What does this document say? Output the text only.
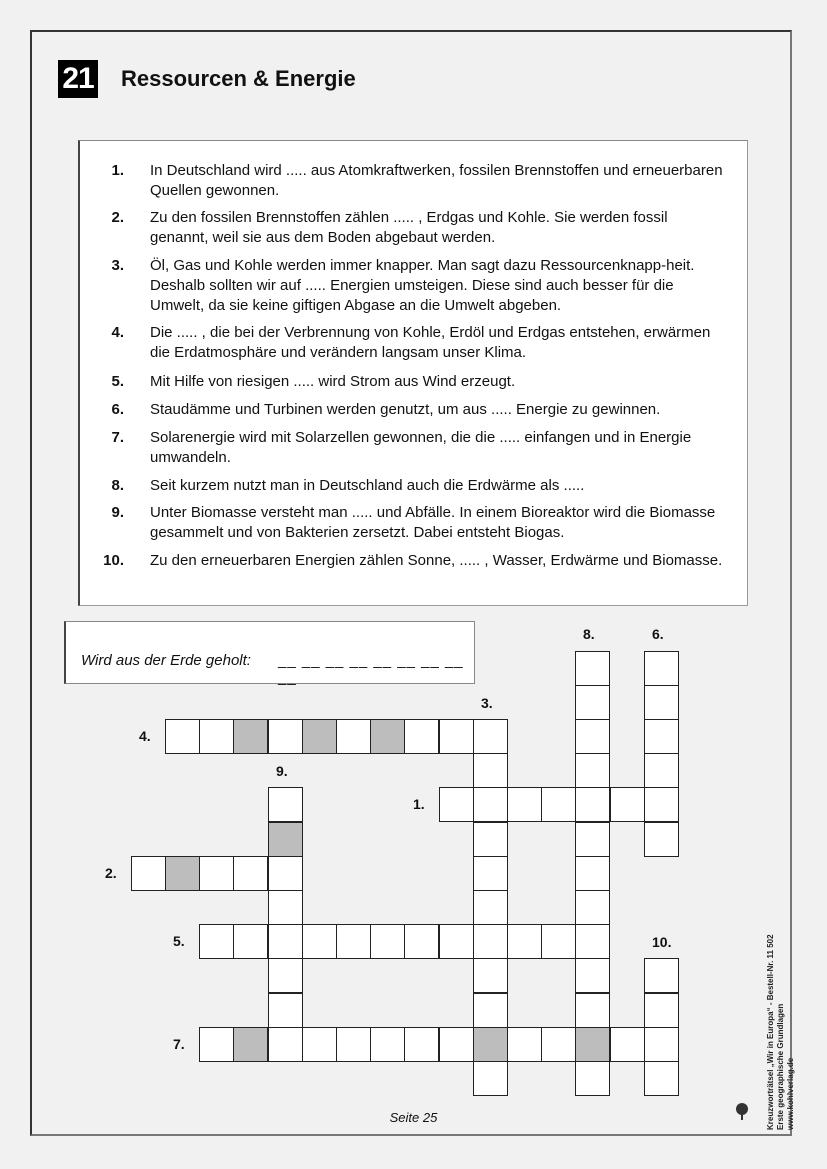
21 Ressourcen & Energie
1. In Deutschland wird ..... aus Atomkraftwerken, fossilen Brennstoffen und erneuerbaren Quellen gewonnen.
2. Zu den fossilen Brennstoffen zählen ..... , Erdgas und Kohle. Sie werden fossil genannt, weil sie aus dem Boden abgebaut werden.
3. Öl, Gas und Kohle werden immer knapper. Man sagt dazu Ressourcenknapp-heit. Deshalb sollten wir auf ..... Energien umsteigen. Diese sind auch besser für die Umwelt, da sie keine giftigen Abgase an die Umwelt abgeben.
4. Die ..... , die bei der Verbrennung von Kohle, Erdöl und Erdgas entstehen, erwärmen die Erdatmosphäre und verändern langsam unser Klima.
5. Mit Hilfe von riesigen ..... wird Strom aus Wind erzeugt.
6. Staudämme und Turbinen werden genutzt, um aus ..... Energie zu gewinnen.
7. Solarenergie wird mit Solarzellen gewonnen, die die ..... einfangen und in Energie umwandeln.
8. Seit kurzem nutzt man in Deutschland auch die Erdwärme als .....
9. Unter Biomasse versteht man ..... und Abfälle. In einem Bioreaktor wird die Biomasse gesammelt und von Bakterien zersetzt. Dabei entsteht Biogas.
10. Zu den erneuerbaren Energien zählen Sonne, ..... , Wasser, Erdwärme und Biomasse.
Wird aus der Erde geholt: __ __ __ __ __ __ __ __ __
4.
2.
1.
5.
7.
9.
3.
8.	6.
10.
Seite 25	Kreuzworträtsel „Wir in Europa“ - Bestell-Nr. 11 502 Erste geographische Grundlagen www.kohlverlag.de
